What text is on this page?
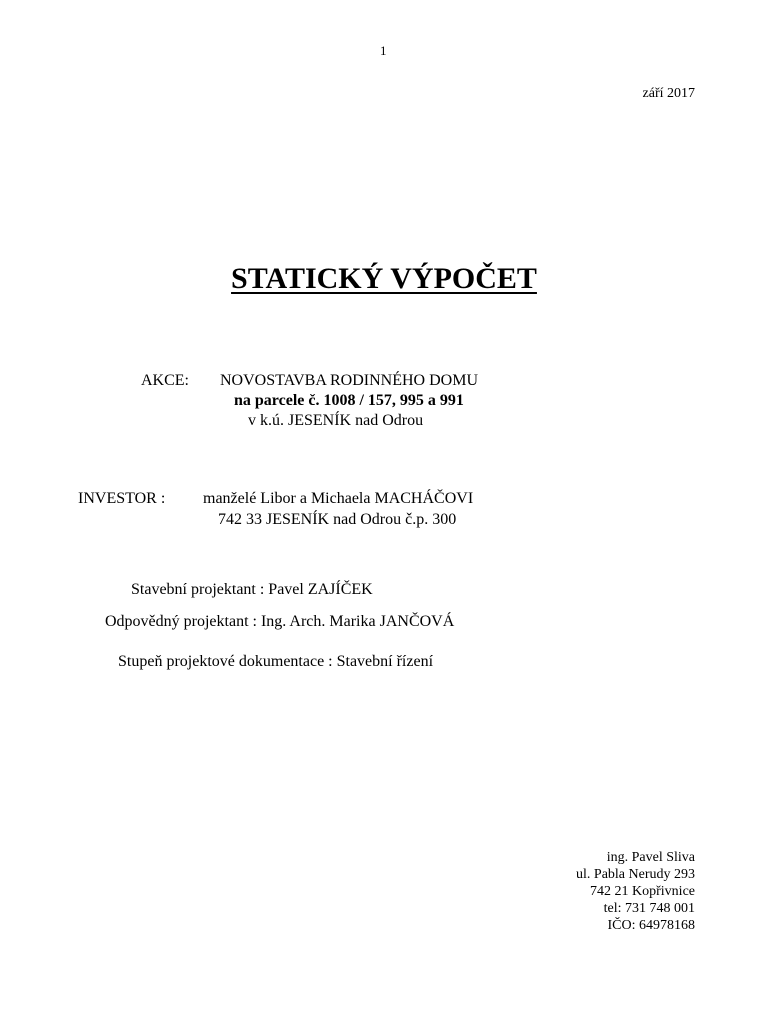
1
září 2017
STATICKÝ VÝPOČET
AKCE: NOVOSTAVBA RODINNÉHO DOMU
na parcele č. 1008 / 157, 995 a 991
v k.ú. JESENÍK nad Odrou
INVESTOR : manželé Libor a Michaela MACHÁČOVI
742 33 JESENÍK nad Odrou č.p. 300
Stavební projektant : Pavel ZAJÍČEK
Odpovědný projektant : Ing. Arch. Marika JANČOVÁ
Stupeň projektové dokumentace : Stavební řízení
ing. Pavel Sliva
ul. Pabla Nerudy 293
742 21 Kopřivnice
tel: 731 748 001
IČO: 64978168
